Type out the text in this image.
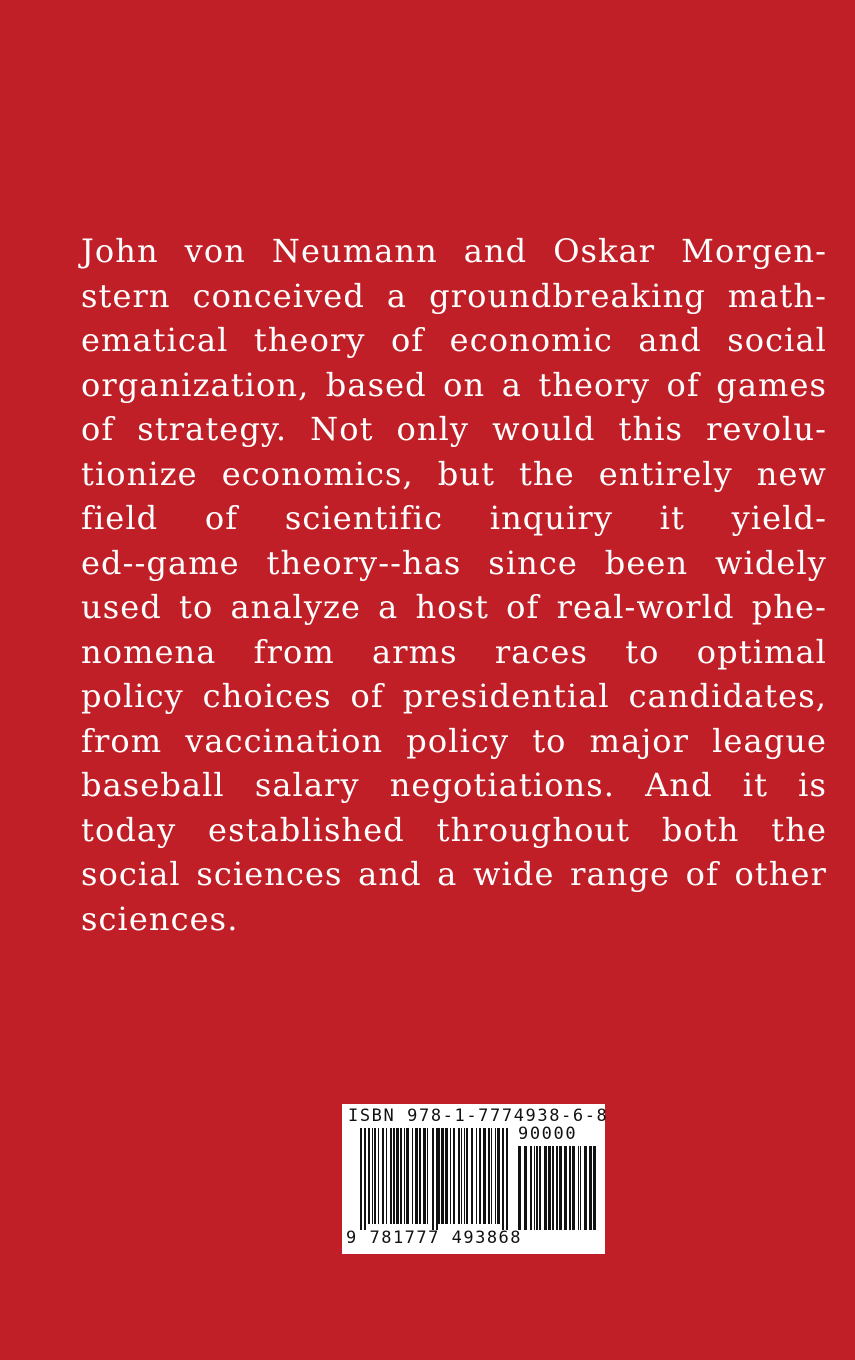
John von Neumann and Oskar Morgen-
stern conceived a groundbreaking math-
ematical theory of economic and social
organization, based on a theory of games
of strategy. Not only would this revolu-
tionize economics, but the entirely new
field of scientific inquiry it yield-
ed--game theory--has since been widely
used to analyze a host of real-world phe-
nomena from arms races to optimal
policy choices of presidential candidates,
from vaccination policy to major league
baseball salary negotiations. And it is
today established throughout both the
social sciences and a wide range of other
sciences.
ISBN 978-1-7774938-6-8
90000
9 781777 493868
